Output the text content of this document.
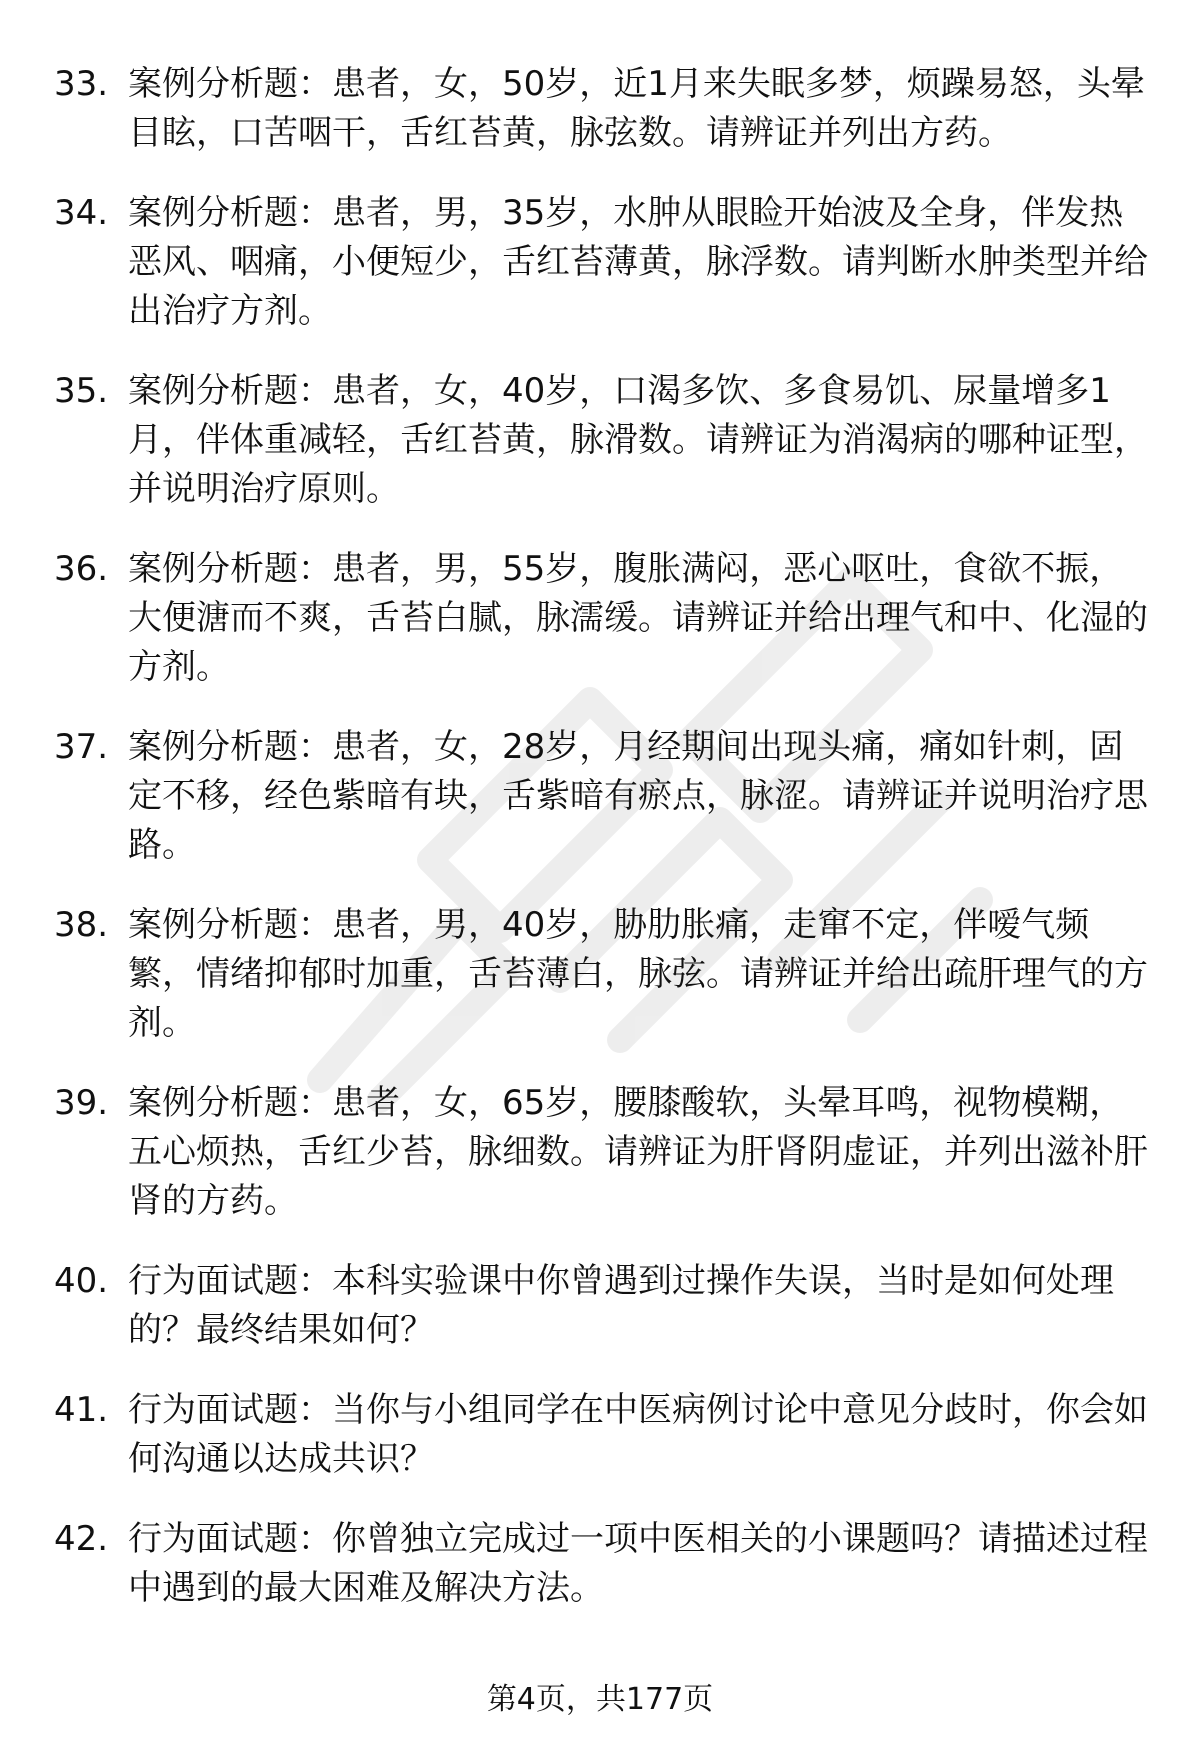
33. 案例分析题：患者，女，50岁，近1月来失眠多梦，烦躁易怒，头晕目眩，口苦咽干，舌红苔黄，脉弦数。请辨证并列出方药。
34. 案例分析题：患者，男，35岁，水肿从眼睑开始波及全身，伴发热恶风、咽痛，小便短少，舌红苔薄黄，脉浮数。请判断水肿类型并给出治疗方剂。
35. 案例分析题：患者，女，40岁，口渴多饮、多食易饥、尿量增多1月，伴体重减轻，舌红苔黄，脉滑数。请辨证为消渴病的哪种证型，并说明治疗原则。
36. 案例分析题：患者，男，55岁，腹胀满闷，恶心呕吐，食欲不振，大便溏而不爽，舌苔白腻，脉濡缓。请辨证并给出理气和中、化湿的方剂。
37. 案例分析题：患者，女，28岁，月经期间出现头痛，痛如针刺，固定不移，经色紫暗有块，舌紫暗有瘀点，脉涩。请辨证并说明治疗思路。
38. 案例分析题：患者，男，40岁，胁肋胀痛，走窜不定，伴嗳气频繁，情绪抑郁时加重，舌苔薄白，脉弦。请辨证并给出疏肝理气的方剂。
39. 案例分析题：患者，女，65岁，腰膝酸软，头晕耳鸣，视物模糊，五心烦热，舌红少苔，脉细数。请辨证为肝肾阴虚证，并列出滋补肝肾的方药。
40. 行为面试题：本科实验课中你曾遇到过操作失误，当时是如何处理的？最终结果如何？
41. 行为面试题：当你与小组同学在中医病例讨论中意见分歧时，你会如何沟通以达成共识？
42. 行为面试题：你曾独立完成过一项中医相关的小课题吗？请描述过程中遇到的最大困难及解决方法。
第4页，共177页
